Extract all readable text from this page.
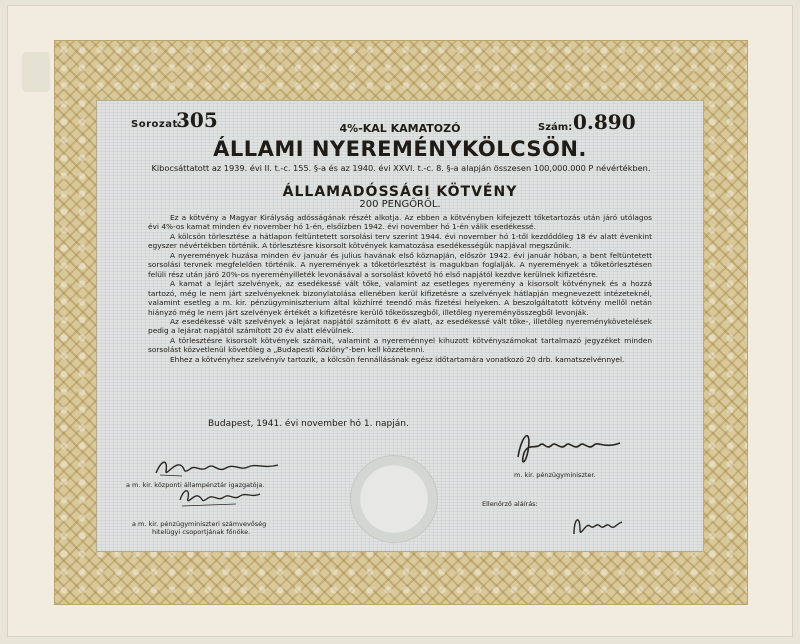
Sorozat:
305	Szám: 0.890
4%-KAL KAMATOZÓ
ÁLLAMI NYEREMÉNYKÖLCSÖN.
Kibocsáttatott az 1939. évi II. t.-c. 155. §-a és az 1940. évi XXVI. t.-c. 8. §-a alapján összesen 100,000.000 P névértékben.
ÁLLAMADÓSSÁGI KÖTVÉNY
200 PENGŐRŐL.

Ez a kötvény a Magyar Királyság adósságának részét alkotja. Az ebben a kötvényben kifejezett tőketartozás után járó utólagos évi 4%-os kamat minden év november hó 1-én, elsőízben 1942. évi november hó 1-én válik esedékessé.

A kölcsön törlesztése a hátlapon feltüntetett sorsolási terv szerint 1944. évi november hó 1-től kezdődőleg 18 év alatt évenkint egyszer névértékben történik. A törlesztésre kisorsolt kötvények kamatozása esedékességük napjával megszűnik.

A nyeremények huzása minden év január és julius havának első köznapján, először 1942. évi január hóban, a bent feltüntetett sorsolási tervnek megfelelően történik. A nyeremények a tőketörlesztést is magukban foglalják. A nyeremények a tőketörlesztésen felüli rész után járó 20%-os nyereményilleték levonásával a sorsolást követő hó első napjától kezdve kerülnek kifizetésre.

A kamat a lejárt szelvények, az esedékessé vált tőke, valamint az esetleges nyeremény a kisorsolt kötvénynek és a hozzá tartozó, még le nem járt szelvényeknek bizonylatolása ellenében kerül kifizetésre a szelvények hátlapján megnevezett intézeteknél, valamint esetleg a m. kir. pénzügyminiszterium által közhírré teendő más fizetési helyeken. A beszolgáltatott kötvény mellől netán hiányzó még le nem járt szelvények értékét a kifizetésre kerülő tőkeösszegből, illetőleg nyereményösszegből levonják.

Az esedékessé vált szelvények a lejárat napjától számított 6 év alatt, az esedékessé vált tőke-, illetőleg nyereménykövetelések pedig a lejárat napjától számított 20 év alatt elévülnek.

A törlesztésre kisorsolt kötvények számait, valamint a nyereménnyel kihuzott kötvényszámokat tartalmazó jegyzéket minden sorsolást közvetlenül követőleg a „Budapesti Közlöny”-ben kell közzétenni.

Ehhez a kötvényhez szelvényív tartozik, a kölcsön fennállásának egész időtartamára vonatkozó 20 drb. kamatszelvénnyel.

Budapest, 1941. évi november hó 1. napján.
a m. kir. központi állampénztár igazgatója.
m. kir. pénzügyminiszter.
a m. kir. pénzügyminiszteri számvevőség
hitelügyi csoportjának főnöke.
Ellenőrző aláírás:
